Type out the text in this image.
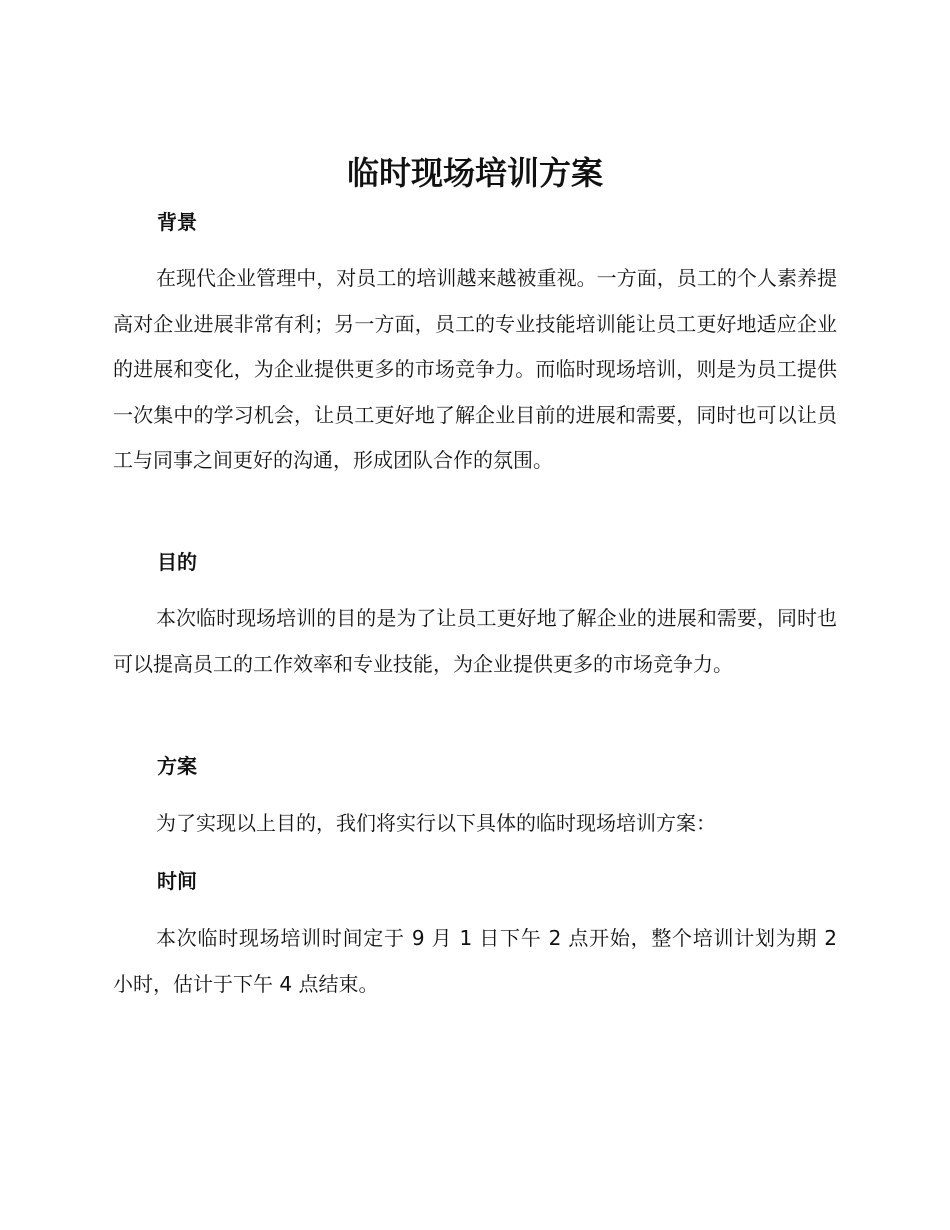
临时现场培训方案
背景

在现代企业管理中，对员工的培训越来越被重视。一方面，员工的个人素养提高对企业进展非常有利；另一方面，员工的专业技能培训能让员工更好地适应企业的进展和变化，为企业提供更多的市场竞争力。而临时现场培训，则是为员工提供一次集中的学习机会，让员工更好地了解企业目前的进展和需要，同时也可以让员工与同事之间更好的沟通，形成团队合作的氛围。

目的

本次临时现场培训的目的是为了让员工更好地了解企业的进展和需要，同时也可以提高员工的工作效率和专业技能，为企业提供更多的市场竞争力。

方案

为了实现以上目的，我们将实行以下具体的临时现场培训方案：

时间

本次临时现场培训时间定于 9 月 1 日下午 2 点开始，整个培训计划为期 2 小时，估计于下午 4 点结束。
